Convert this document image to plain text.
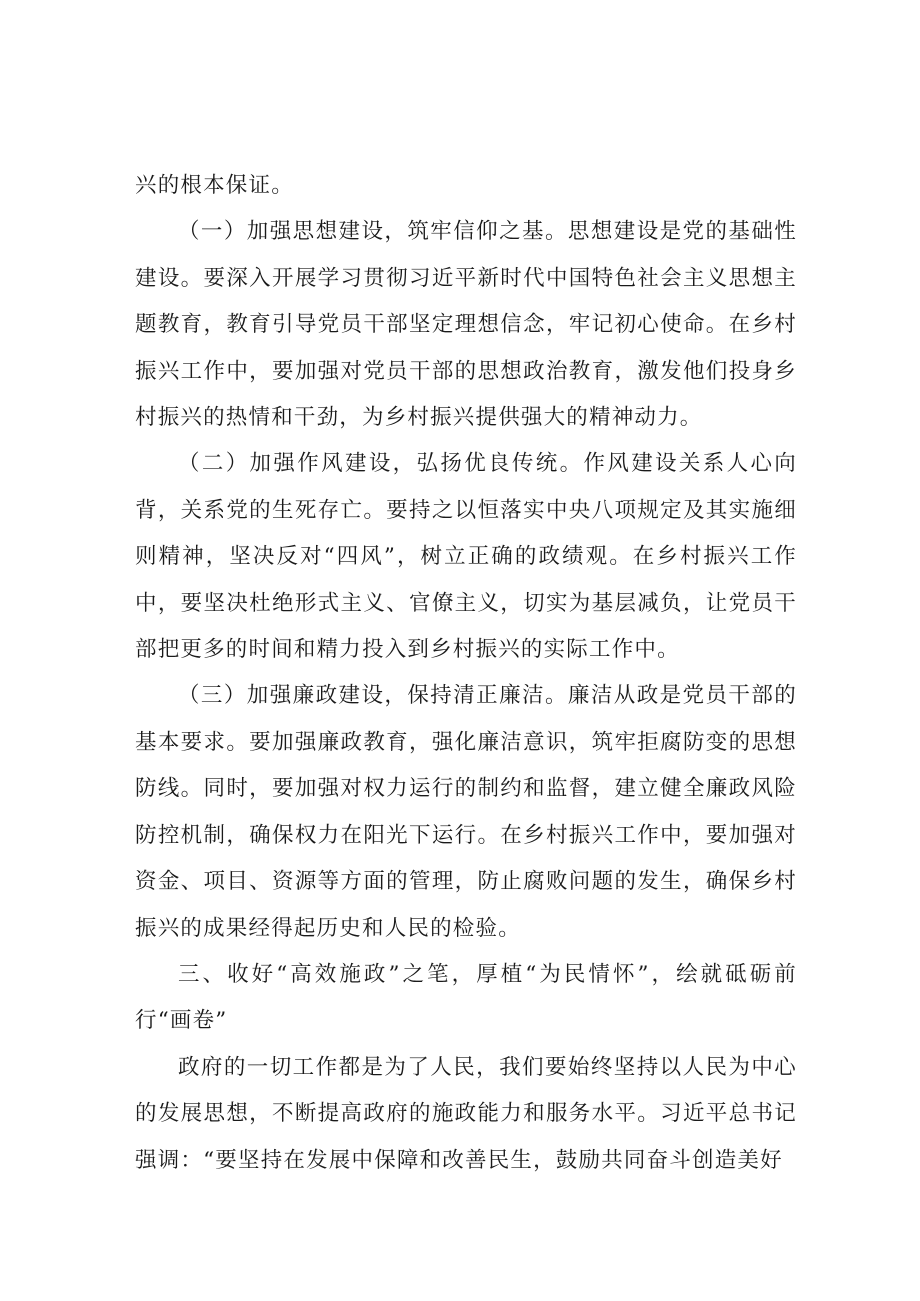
兴的根本保证。

（一）加强思想建设，筑牢信仰之基。思想建设是党的基础性建设。要深入开展学习贯彻习近平新时代中国特色社会主义思想主题教育，教育引导党员干部坚定理想信念，牢记初心使命。在乡村振兴工作中，要加强对党员干部的思想政治教育，激发他们投身乡村振兴的热情和干劲，为乡村振兴提供强大的精神动力。

（二）加强作风建设，弘扬优良传统。作风建设关系人心向背，关系党的生死存亡。要持之以恒落实中央八项规定及其实施细则精神，坚决反对“四风”，树立正确的政绩观。在乡村振兴工作中，要坚决杜绝形式主义、官僚主义，切实为基层减负，让党员干部把更多的时间和精力投入到乡村振兴的实际工作中。

（三）加强廉政建设，保持清正廉洁。廉洁从政是党员干部的基本要求。要加强廉政教育，强化廉洁意识，筑牢拒腐防变的思想防线。同时，要加强对权力运行的制约和监督，建立健全廉政风险防控机制，确保权力在阳光下运行。在乡村振兴工作中，要加强对资金、项目、资源等方面的管理，防止腐败问题的发生，确保乡村振兴的成果经得起历史和人民的检验。

三、收好“高效施政”之笔，厚植“为民情怀”，绘就砥砺前行“画卷”

政府的一切工作都是为了人民，我们要始终坚持以人民为中心的发展思想，不断提高政府的施政能力和服务水平。习近平总书记强调：“要坚持在发展中保障和改善民生，鼓励共同奋斗创造美好
